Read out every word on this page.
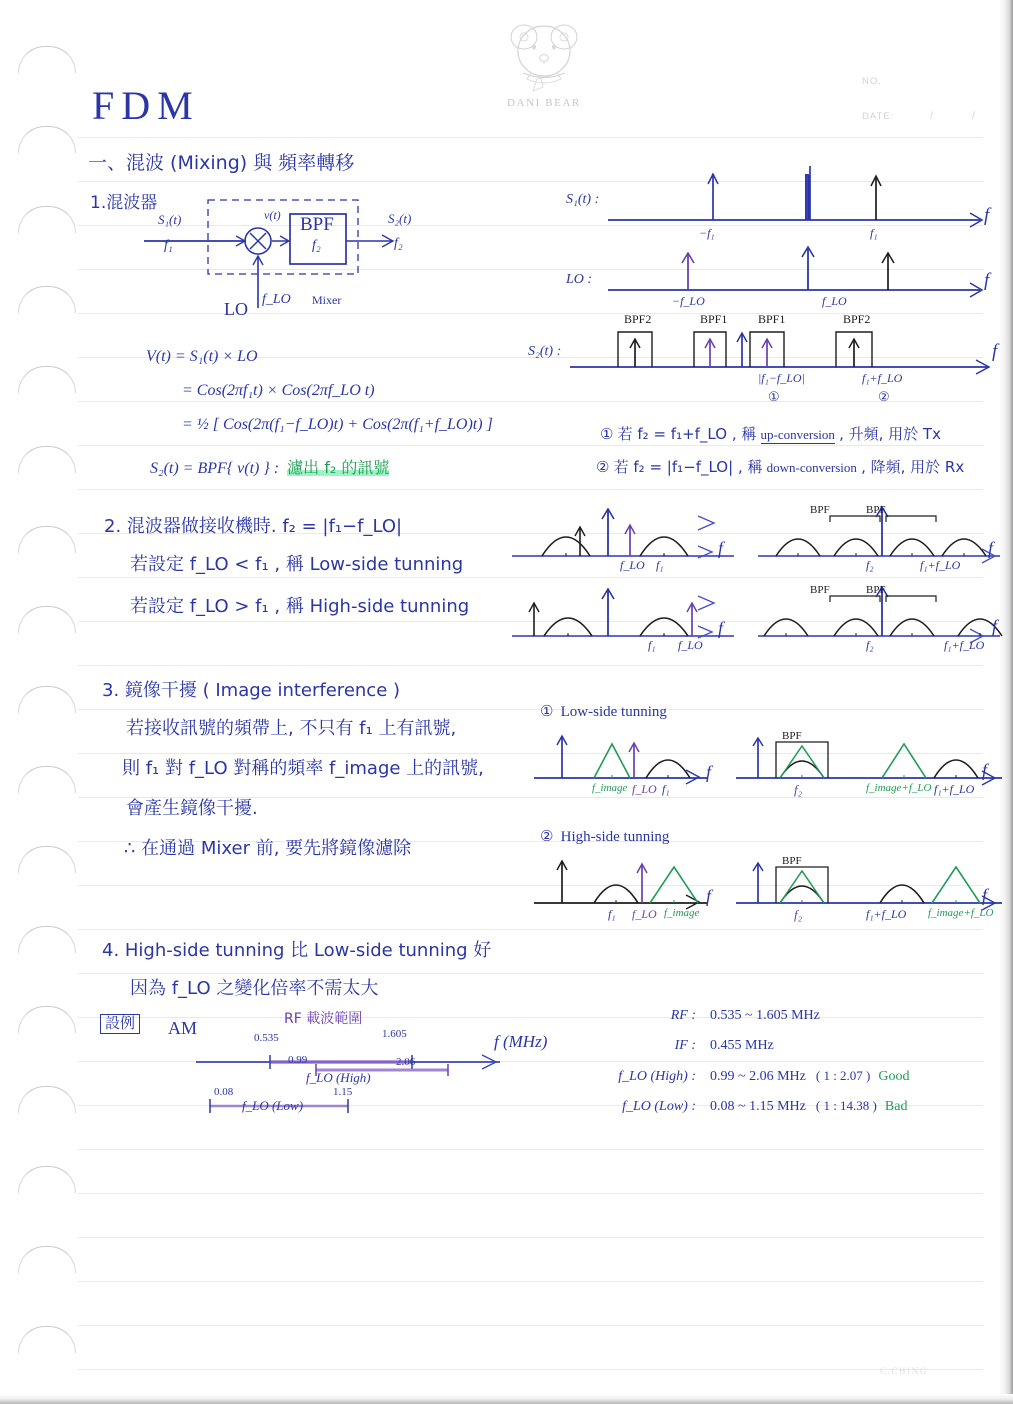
DANI BEAR
NO.
DATE:	/	/
C.CHING
FDM
一、混波 (Mixing) 與 頻率轉移
1.混波器
S₁(t)
f₁
v(t) BPF
f₂
S₂(t)
f₂
LO f_LO Mixer
V(t) = S₁(t) × LO
= Cos(2πf₁t) × Cos(2πf_LO t)
= ½ [ Cos(2π(f₁−f_LO)t) + Cos(2π(f₁+f_LO)t) ]
S₂(t) = BPF{ v(t) } : 濾出 f₂ 的訊號
① 若 f₂ = f₁+f_LO , 稱 up-conversion , 升頻, 用於 Tx
② 若 f₂ = |f₁−f_LO| , 稱 down-conversion , 降頻, 用於 Rx
S₁(t) :
−f₁	f₁
f
LO :
−f_LO	f_LO
f
S₂(t) :
BPF2	BPF1	BPF1	BPF2
|f₁−f_LO|	f₁+f_LO
①	②
f
2. 混波器做接收機時. f₂ = |f₁−f_LO|
若設定 f_LO < f₁ , 稱 Low-side tunning
若設定 f_LO > f₁ , 稱 High-side tunning
f_LO f₁
f
BPF	BPF
f₂	f₁+f_LO
f
f₁ f_LO
f
BPF	BPF
f₂	f₁+f_LO
f
3. 鏡像干擾 ( Image interference )
若接收訊號的頻帶上, 不只有 f₁ 上有訊號,
則 f₁ 對 f_LO 對稱的頻率 f_image 上的訊號,
會產生鏡像干擾.
∴ 在通過 Mixer 前, 要先將鏡像濾除
① Low-side tunning
f_image f_LO f₁
f
BPF
f₂	f_image+f_LO f₁+f_LO
f
② High-side tunning
f₁ f_LO f_image
f
BPF
f₂	f₁+f_LO f_image+f_LO
f
4. High-side tunning 比 Low-side tunning 好
因為 f_LO 之變化倍率不需太大
設例 AM	RF 載波範圍
0.535	1.605
0.99	2.06
f_LO (High)
0.08	1.15
f_LO (Low)
f (MHz)
RF : 0.535 ~ 1.605 MHz
IF : 0.455 MHz
f_LO (High) : 0.99 ~ 2.06 MHz ( 1 : 2.07 ) Good
f_LO (Low) : 0.08 ~ 1.15 MHz ( 1 : 14.38 ) Bad
